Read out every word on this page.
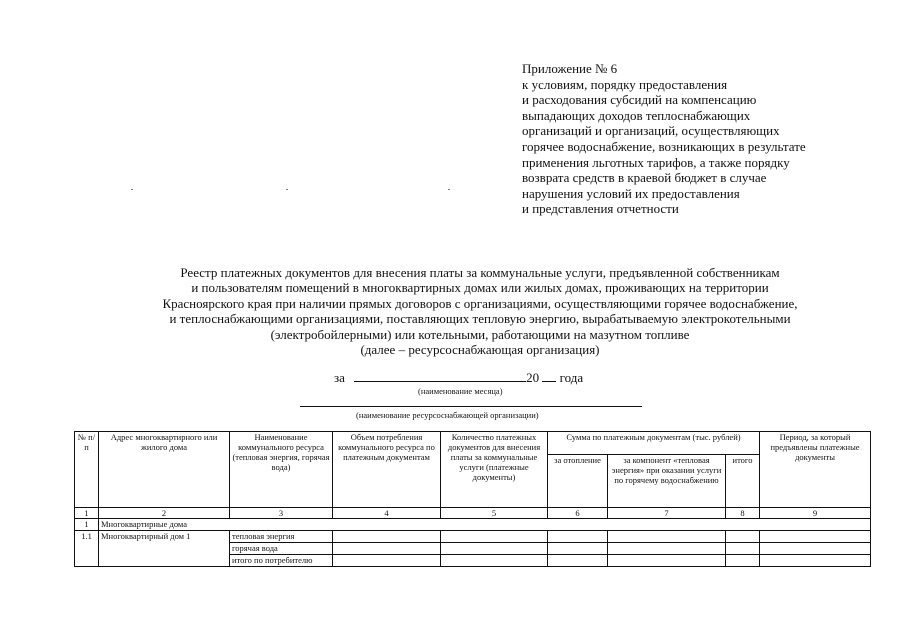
Приложение № 6
к условиям, порядку предоставления
и расходования субсидий на компенсацию
выпадающих доходов теплоснабжающих
организаций и организаций, осуществляющих
горячее водоснабжение, возникающих в результате
применения льготных тарифов, а также порядку
возврата средств в краевой бюджет в случае
нарушения условий их предоставления
и представления отчетности
Реестр платежных документов для внесения платы за коммунальные услуги, предъявленной собственникам
и пользователям помещений в многоквартирных домах или жилых домах, проживающих на территории
Красноярского края при наличии прямых договоров с организациями, осуществляющими горячее водоснабжение,
и теплоснабжающими организациями, поставляющих тепловую энергию, вырабатываемую электрокотельными
(электробойлерными) или котельными, работающими на мазутном топливе
(далее – ресурсоснабжающая организация)
за	20 года
(наименование месяца)
(наименование ресурсоснабжающей организации)
№ п/п	Адрес многоквартирного или жилого дома	Наименование коммунального ресурса (тепловая энергия, горячая вода)	Объем потребления коммунального ресурса по платежным документам	Количество платежных документов для внесения платы за коммунальные услуги (платежные документы)	Сумма по платежным документам (тыс. рублей)			Период, за который предъявлены платежные документы
					за отопление	за компонент «тепловая энергия» при оказании услуги по горячему водоснабжению	итого	
1	2	3	4	5	6	7	8	9
1	Многоквартирные дома							
1.1	Многоквартирный дом 1	тепловая энергия						
		горячая вода						
		итого по потребителю						
